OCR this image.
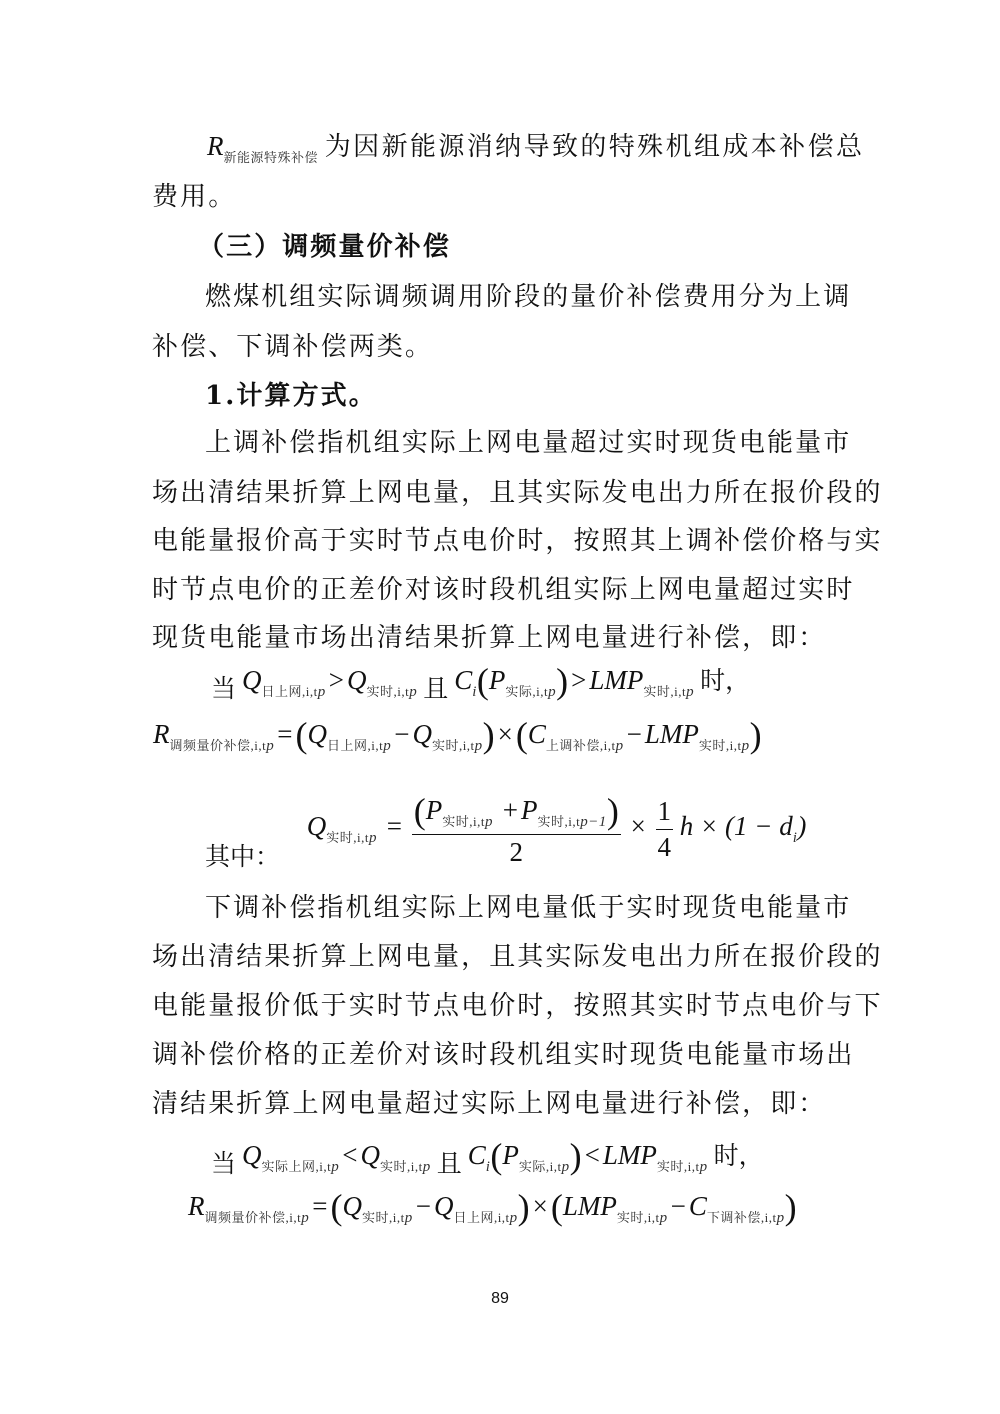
$R_{新能源特殊补偿}$ 为因新能源消纳导致的特殊机组成本补偿总
费用。
（三）调频量价补偿
燃煤机组实际调频调用阶段的量价补偿费用分为上调
补偿、下调补偿两类。
1.计算方式。
上调补偿指机组实际上网电量超过实时现货电能量市
场出清结果折算上网电量，且其实际发电出力所在报价段的
电能量报价高于实时节点电价时，按照其上调补偿价格与实
时节点电价的正差价对该时段机组实际上网电量超过实时
现货电能量市场出清结果折算上网电量进行补偿，即：
当 $Q_{日上网,i,tp} > Q_{实时,i,tp}$ 且 $C_i(P_{实际,i,tp}) > LMP_{实时,i,tp}$ 时，
$R_{调频量价补偿,i,tp} =(Q_{日上网,i,tp} - Q_{实时,i,tp}) \times(C_{上调补偿,i,tp} - LMP_{实时,i,tp})$
其中： $Q_{实时,i,tp} = \frac{(P_{实时,i,tp} + P_{实时,i,tp-1})}{2} \times \frac{1}{4}$ $h \times (1 - d_i)$
下调补偿指机组实际上网电量低于实时现货电能量市
场出清结果折算上网电量，且其实际发电出力所在报价段的
电能量报价低于实时节点电价时，按照其实时节点电价与下
调补偿价格的正差价对该时段机组实时现货电能量市场出
清结果折算上网电量超过实际上网电量进行补偿，即：
当 $Q_{实际上网,i,tp} < Q_{实时,i,tp}$ 且 $C_i(P_{实际,i,tp}) < LMP_{实时,i,tp}$ 时，
$R_{调频量价补偿,i,tp} =(Q_{实时,i,tp} - Q_{日上网,i,tp}) \times(LMP_{实时,i,tp} - C_{下调补偿,i,tp})$
89
